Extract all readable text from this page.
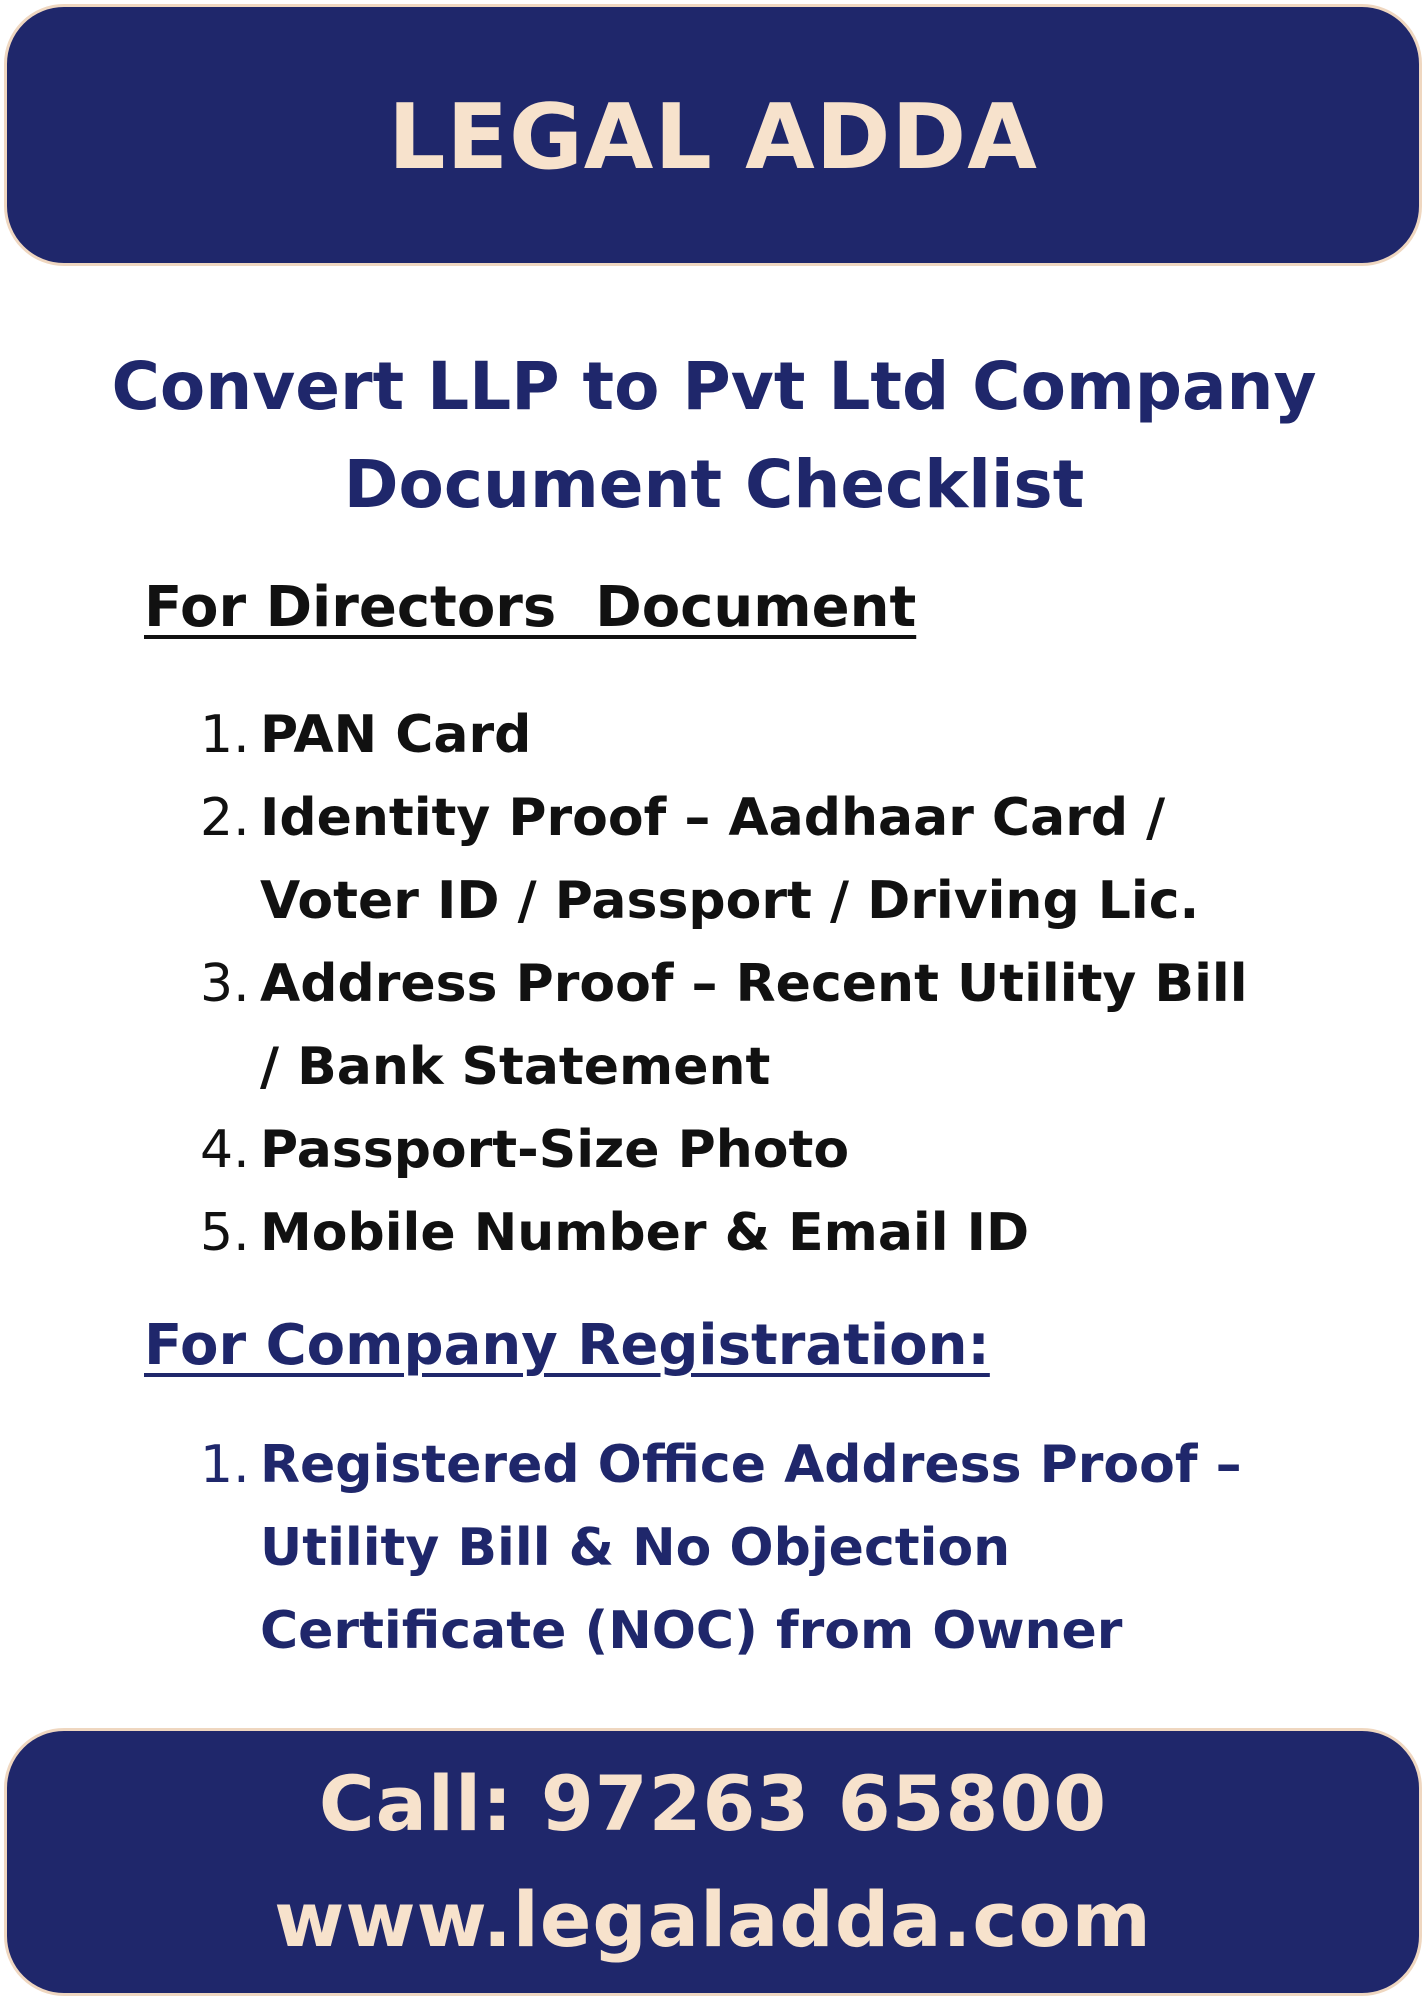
LEGAL ADDA
Convert LLP to Pvt Ltd Company
Document Checklist
For Directors  Document
1. PAN Card
2. Identity Proof – Aadhaar Card /
Voter ID / Passport / Driving Lic.
3. Address Proof – Recent Utility Bill
/ Bank Statement
4. Passport-Size Photo
5. Mobile Number & Email ID
For Company Registration:
1. Registered Office Address Proof –
Utility Bill & No Objection
Certificate (NOC) from Owner
Call: 97263 65800
www.legaladda.com
